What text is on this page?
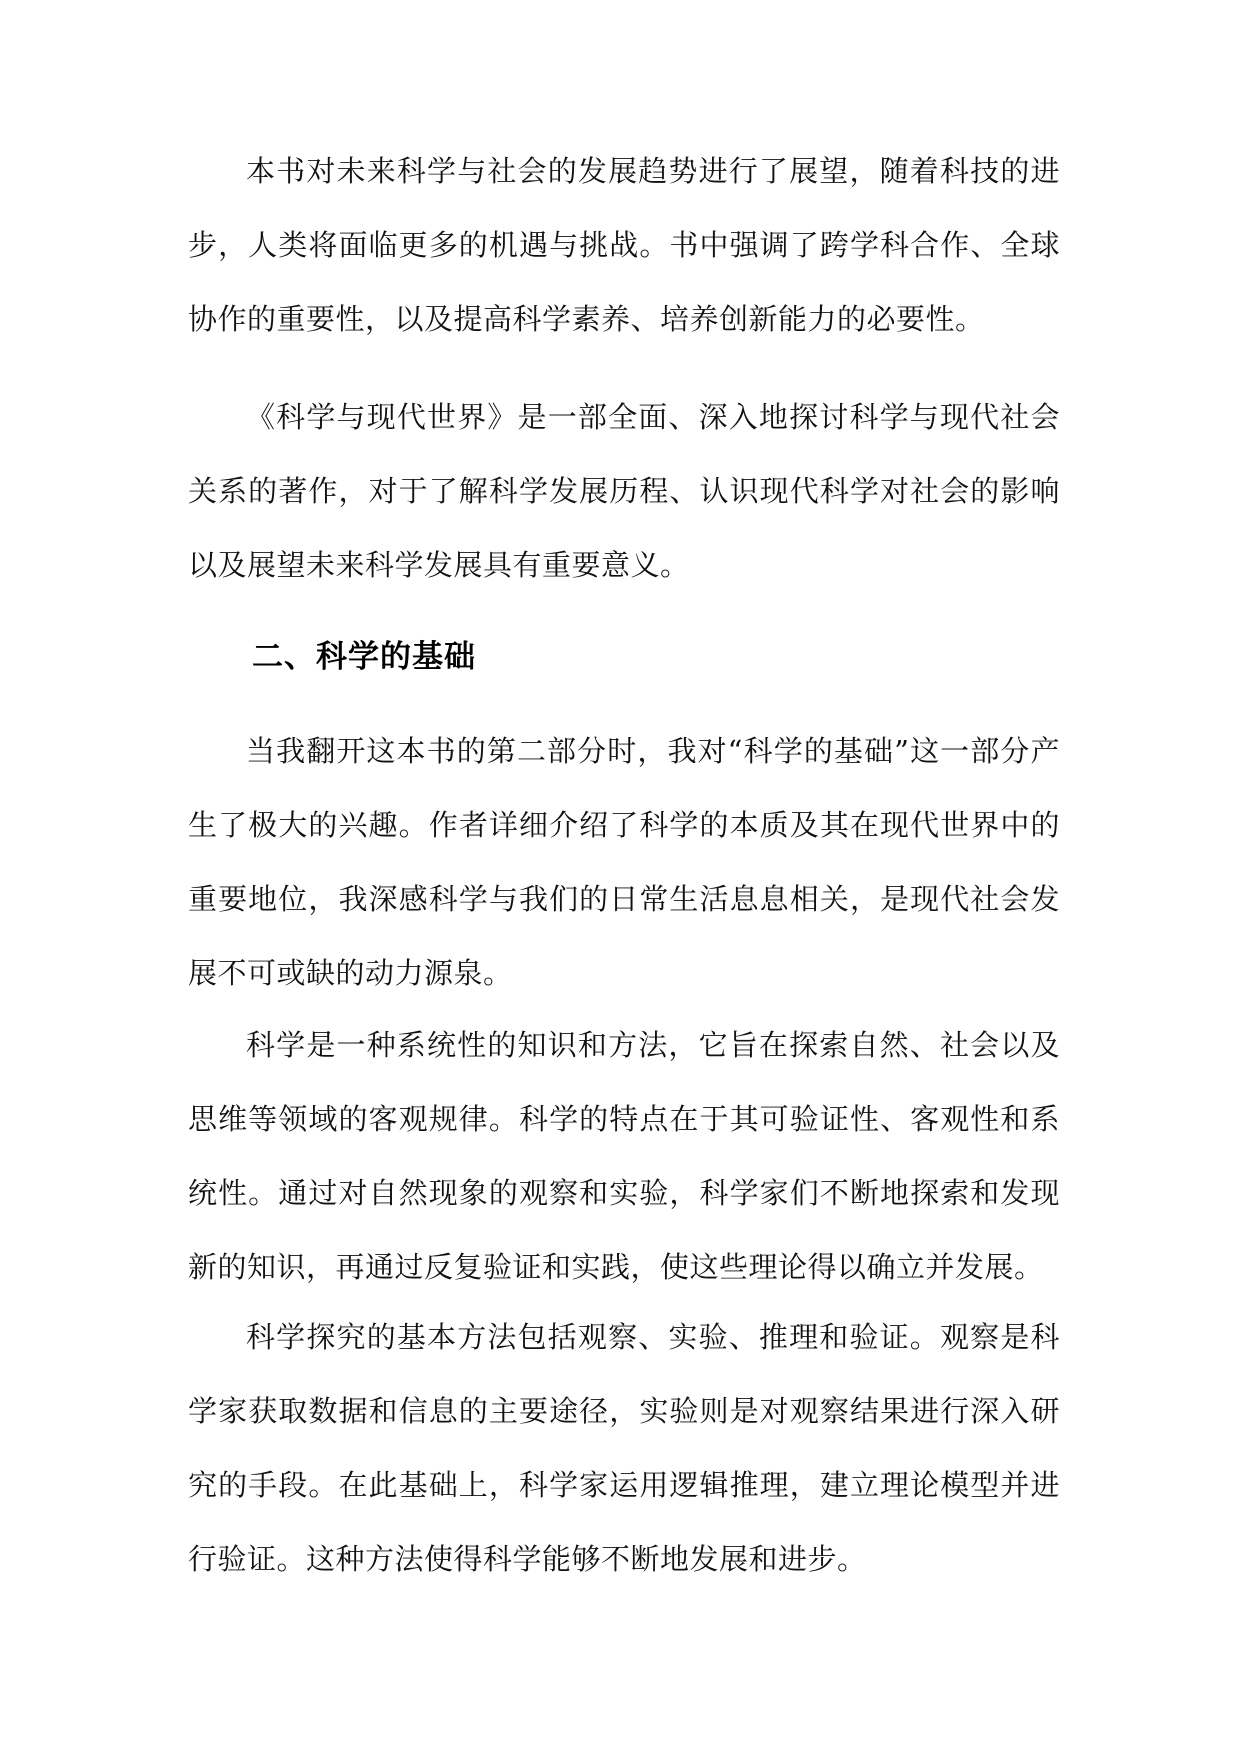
本书对未来科学与社会的发展趋势进行了展望，随着科技的进步，人类将面临更多的机遇与挑战。书中强调了跨学科合作、全球协作的重要性，以及提高科学素养、培养创新能力的必要性。

《科学与现代世界》是一部全面、深入地探讨科学与现代社会关系的著作，对于了解科学发展历程、认识现代科学对社会的影响以及展望未来科学发展具有重要意义。

二、科学的基础

当我翻开这本书的第二部分时，我对“科学的基础”这一部分产生了极大的兴趣。作者详细介绍了科学的本质及其在现代世界中的重要地位，我深感科学与我们的日常生活息息相关，是现代社会发展不可或缺的动力源泉。

科学是一种系统性的知识和方法，它旨在探索自然、社会以及思维等领域的客观规律。科学的特点在于其可验证性、客观性和系统性。通过对自然现象的观察和实验，科学家们不断地探索和发现新的知识，再通过反复验证和实践，使这些理论得以确立并发展。

科学探究的基本方法包括观察、实验、推理和验证。观察是科学家获取数据和信息的主要途径，实验则是对观察结果进行深入研究的手段。在此基础上，科学家运用逻辑推理，建立理论模型并进行验证。这种方法使得科学能够不断地发展和进步。
